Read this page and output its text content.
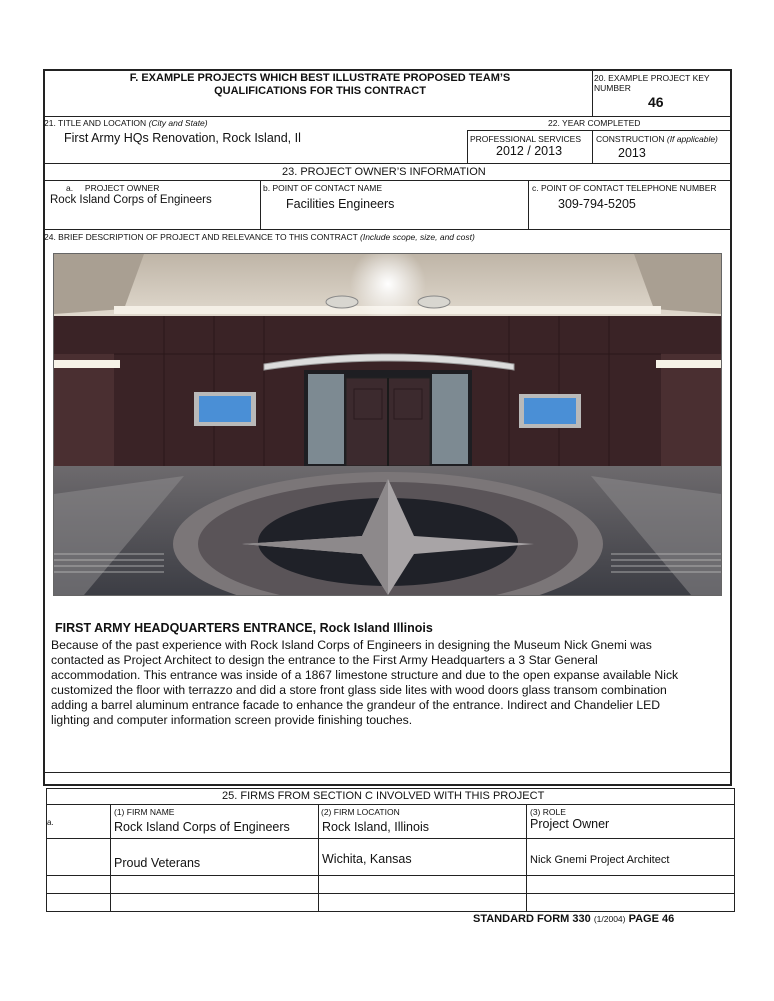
F. EXAMPLE PROJECTS WHICH BEST ILLUSTRATE PROPOSED TEAM’S
QUALIFICATIONS FOR THIS CONTRACT
20. EXAMPLE PROJECT KEY
NUMBER
46
21. TITLE AND LOCATION (City and State)
First Army HQs Renovation, Rock Island, Il
22. YEAR COMPLETED
PROFESSIONAL SERVICES
2012 / 2013
CONSTRUCTION (If applicable)
2013
23. PROJECT OWNER’S INFORMATION
a. PROJECT OWNER
Rock Island Corps of Engineers
b. POINT OF CONTACT NAME
Facilities Engineers
c. POINT OF CONTACT TELEPHONE NUMBER
309-794-5205
24. BRIEF DESCRIPTION OF PROJECT AND RELEVANCE TO THIS CONTRACT (Include scope, size, and cost)
FIRST ARMY HEADQUARTERS ENTRANCE, Rock Island Illinois

Because of the past experience with Rock Island Corps of Engineers in designing the Museum Nick Gnemi was

contacted as Project Architect to design the entrance to the First Army Headquarters a 3 Star General

accommodation. This entrance was inside of a 1867 limestone structure and due to the open expanse available Nick

customized the floor with terrazzo and did a store front glass side lites with wood doors glass transom combination

adding a barrel aluminum entrance facade to enhance the grandeur of the entrance. Indirect and Chandelier LED

lighting and computer information screen provide finishing touches.

25. FIRMS FROM SECTION C INVOLVED WITH THIS PROJECT
a.
(1) FIRM NAME	(2) FIRM LOCATION	(3) ROLE
Rock Island Corps of Engineers	Rock Island, Illinois	Project Owner
Proud Veterans	Wichita, Kansas	Nick Gnemi Project Architect
STANDARD FORM 330 (1/2004) PAGE 46
